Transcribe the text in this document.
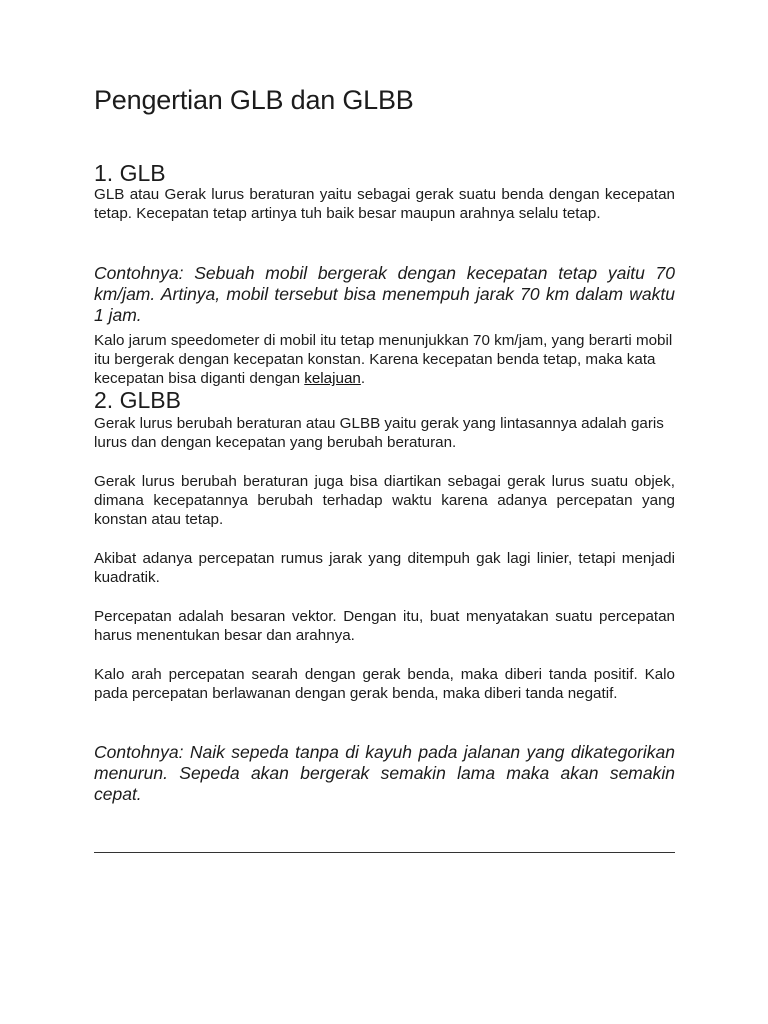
Pengertian GLB dan GLBB
1. GLB

GLB atau Gerak lurus beraturan yaitu sebagai gerak suatu benda dengan kecepatan tetap. Kecepatan tetap artinya tuh baik besar maupun arahnya selalu tetap.

Contohnya: Sebuah mobil bergerak dengan kecepatan tetap yaitu 70 km/jam. Artinya, mobil tersebut bisa menempuh jarak 70 km dalam waktu 1 jam.

Kalo jarum speedometer di mobil itu tetap menunjukkan 70 km/jam, yang berarti mobil itu bergerak dengan kecepatan konstan. Karena kecepatan benda tetap, maka kata kecepatan bisa diganti dengan kelajuan.

2. GLBB

Gerak lurus berubah beraturan atau GLBB yaitu gerak yang lintasannya adalah garis lurus dan dengan kecepatan yang berubah beraturan.

Gerak lurus berubah beraturan juga bisa diartikan sebagai gerak lurus suatu objek, dimana kecepatannya berubah terhadap waktu karena adanya percepatan yang konstan atau tetap.

Akibat adanya percepatan rumus jarak yang ditempuh gak lagi linier, tetapi menjadi kuadratik.

Percepatan adalah besaran vektor. Dengan itu, buat menyatakan suatu percepatan harus menentukan besar dan arahnya.

Kalo arah percepatan searah dengan gerak benda, maka diberi tanda positif. Kalo pada percepatan berlawanan dengan gerak benda, maka diberi tanda negatif.

Contohnya: Naik sepeda tanpa di kayuh pada jalanan yang dikategorikan menurun. Sepeda akan bergerak semakin lama maka akan semakin cepat.
